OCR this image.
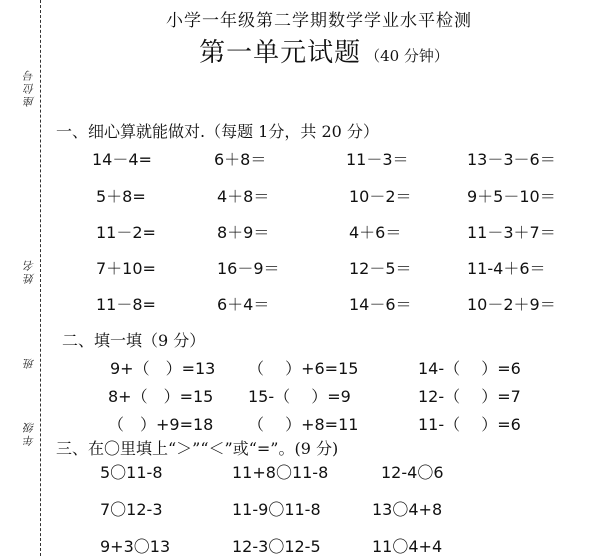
座位号
姓名
班
年级
小学一年级第二学期数学学业水平检测
第一单元试题 （40 分钟）
一、细心算就能做对.（每题 1分，共 20 分）
14－4=	6＋8＝	11－3＝	13－3－6＝
5＋8=	4＋8＝	10－2＝	9＋5－10＝
11－2=	8＋9＝	4＋6＝	11－3＋7＝
7＋10=	16－9＝	12－5＝	11-4＋6＝
11－8=	6＋4＝	14－6＝	10－2＋9＝
二、填一填（9 分）
9+（　）=13 （　 ）+6=15	14-（　 ）=6
8+（　）=15 15-（　 ）=9	12-（　 ）=7
（　）+9=18 （　 ）+8=11	11-（　 ）=6
三、在〇里填上“＞”“＜”或“=”。(9 分)
5〇11-8	11+8〇11-8	12-4〇6
7〇12-3	11-9〇11-8	13〇4+8
9+3〇13	12-3〇12-5	11〇4+4
